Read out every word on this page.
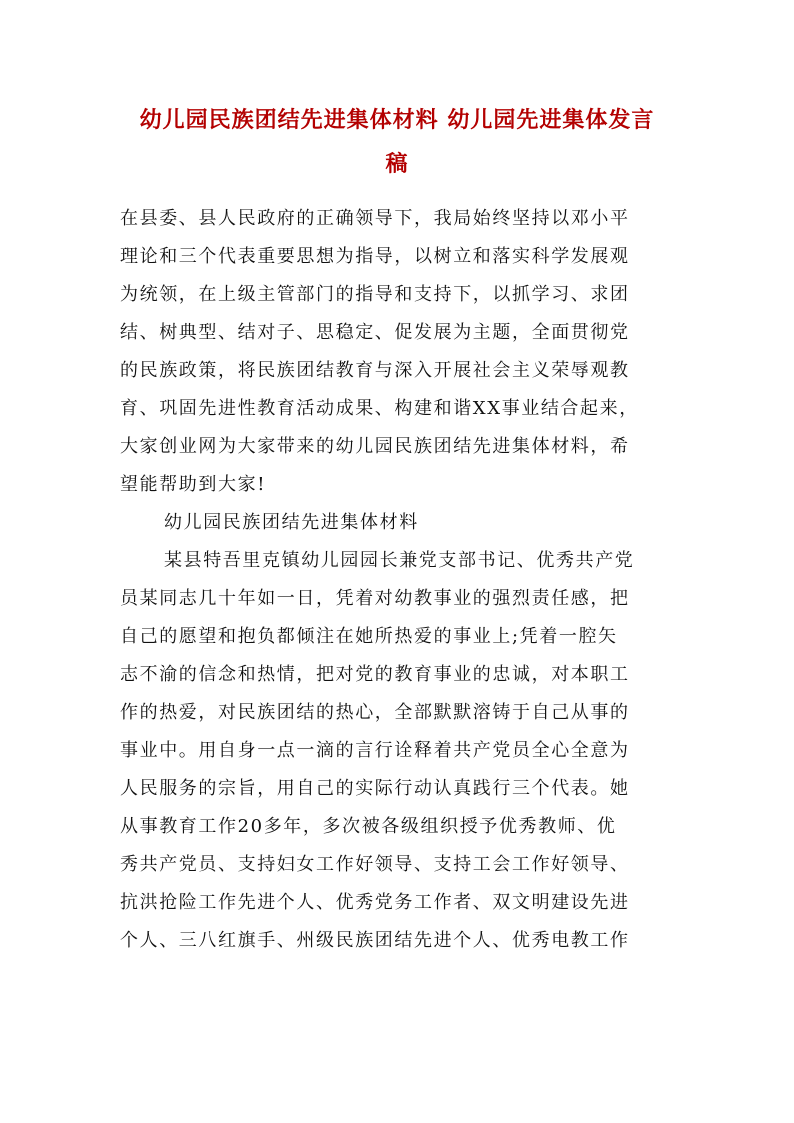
幼儿园民族团结先进集体材料 幼儿园先进集体发言
稿
在县委、县人民政府的正确领导下，我局始终坚持以邓小平
理论和三个代表重要思想为指导，以树立和落实科学发展观
为统领，在上级主管部门的指导和支持下，以抓学习、求团
结、树典型、结对子、思稳定、促发展为主题，全面贯彻党
的民族政策，将民族团结教育与深入开展社会主义荣辱观教
育、巩固先进性教育活动成果、构建和谐XX事业结合起来，
大家创业网为大家带来的幼儿园民族团结先进集体材料，希
望能帮助到大家!
幼儿园民族团结先进集体材料
某县特吾里克镇幼儿园园长兼党支部书记、优秀共产党
员某同志几十年如一日，凭着对幼教事业的强烈责任感，把
自己的愿望和抱负都倾注在她所热爱的事业上;凭着一腔矢
志不渝的信念和热情，把对党的教育事业的忠诚，对本职工
作的热爱，对民族团结的热心，全部默默溶铸于自己从事的
事业中。用自身一点一滴的言行诠释着共产党员全心全意为
人民服务的宗旨，用自己的实际行动认真践行三个代表。她
从事教育工作20多年，多次被各级组织授予优秀教师、优
秀共产党员、支持妇女工作好领导、支持工会工作好领导、
抗洪抢险工作先进个人、优秀党务工作者、双文明建设先进
个人、三八红旗手、州级民族团结先进个人、优秀电教工作
